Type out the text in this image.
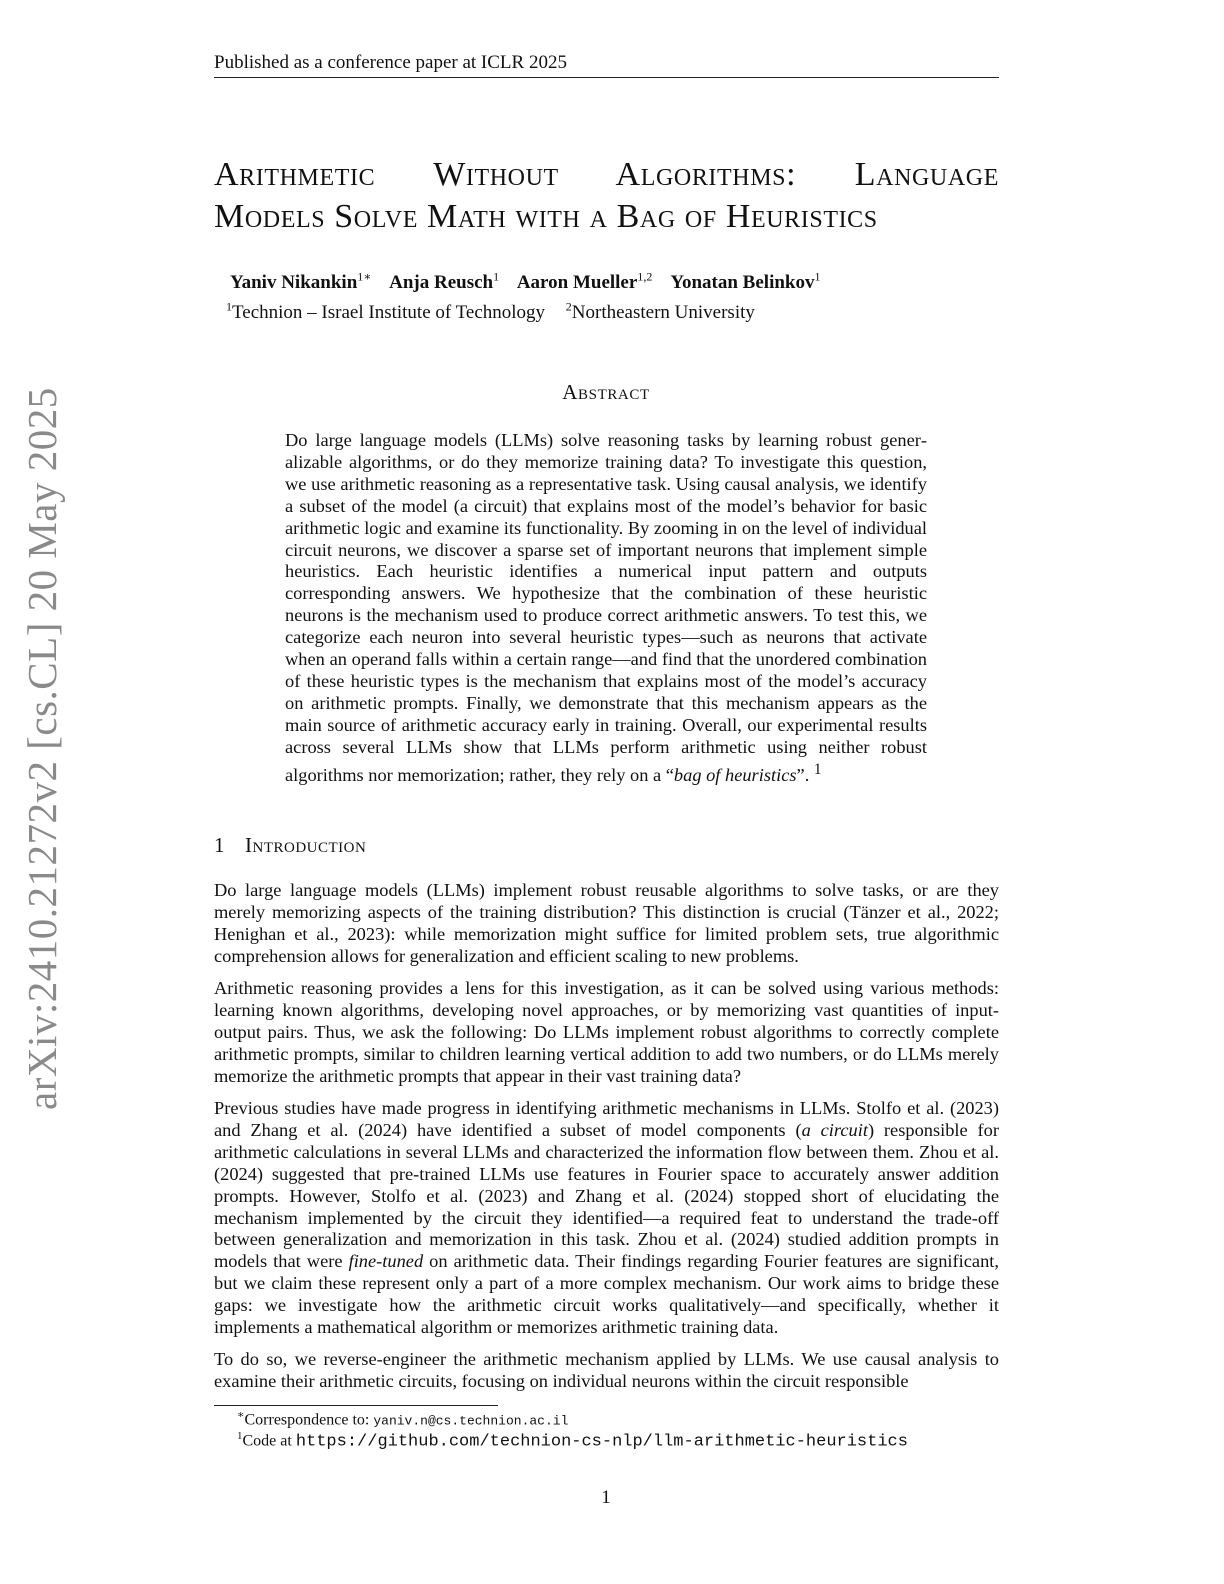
Published as a conference paper at ICLR 2025
arXiv:2410.21272v2 [cs.CL] 20 May 2025
Arithmetic Without Algorithms: Language
Models Solve Math with a Bag of Heuristics
Yaniv Nikankin$^{1∗}$ Anja Reusch$^1$ Aaron Mueller$^{1,2}$ Yonatan Belinkov$^1$
$^1$Technion – Israel Institute of Technology $^2$Northeastern University
Abstract

Do large language models (LLMs) solve reasoning tasks by learning robust generalizable algorithms, or do they memorize training data? To investigate this question, we use arithmetic reasoning as a representative task. Using causal analysis, we identify a subset of the model (a circuit) that explains most of the model’s behavior for basic arithmetic logic and examine its functionality. By zooming in on the level of individual circuit neurons, we discover a sparse set of important neurons that implement simple heuristics. Each heuristic identifies a numerical input pattern and outputs corresponding answers. We hypothesize that the combination of these heuristic neurons is the mechanism used to produce correct arithmetic answers. To test this, we categorize each neuron into several heuristic types—such as neurons that activate when an operand falls within a certain range—and find that the unordered combination of these heuristic types is the mechanism that explains most of the model’s accuracy on arithmetic prompts. Finally, we demonstrate that this mechanism appears as the main source of arithmetic accuracy early in training. Overall, our experimental results across several LLMs show that LLMs perform arithmetic using neither robust algorithms nor memorization; rather, they rely on a “bag of heuristics”. $^1$

1 Introduction

Do large language models (LLMs) implement robust reusable algorithms to solve tasks, or are they merely memorizing aspects of the training distribution? This distinction is crucial (Tänzer et al., 2022; Henighan et al., 2023): while memorization might suffice for limited problem sets, true algorithmic comprehension allows for generalization and efficient scaling to new problems.

Arithmetic reasoning provides a lens for this investigation, as it can be solved using various methods: learning known algorithms, developing novel approaches, or by memorizing vast quantities of input-output pairs. Thus, we ask the following: Do LLMs implement robust algorithms to correctly complete arithmetic prompts, similar to children learning vertical addition to add two numbers, or do LLMs merely memorize the arithmetic prompts that appear in their vast training data?

Previous studies have made progress in identifying arithmetic mechanisms in LLMs. Stolfo et al. (2023) and Zhang et al. (2024) have identified a subset of model components (a circuit) responsible for arithmetic calculations in several LLMs and characterized the information flow between them. Zhou et al. (2024) suggested that pre-trained LLMs use features in Fourier space to accurately answer addition prompts. However, Stolfo et al. (2023) and Zhang et al. (2024) stopped short of elucidating the mechanism implemented by the circuit they identified—a required feat to understand the trade-off between generalization and memorization in this task. Zhou et al. (2024) studied addition prompts in models that were fine-tuned on arithmetic data. Their findings regarding Fourier features are significant, but we claim these represent only a part of a more complex mechanism. Our work aims to bridge these gaps: we investigate how the arithmetic circuit works qualitatively—and specifically, whether it implements a mathematical algorithm or memorizes arithmetic training data.

To do so, we reverse-engineer the arithmetic mechanism applied by LLMs. We use causal analysis to examine their arithmetic circuits, focusing on individual neurons within the circuit responsible

∗Correspondence to: yaniv.n@cs.technion.ac.il
$^1$Code at https://github.com/technion-cs-nlp/llm-arithmetic-heuristics
1
